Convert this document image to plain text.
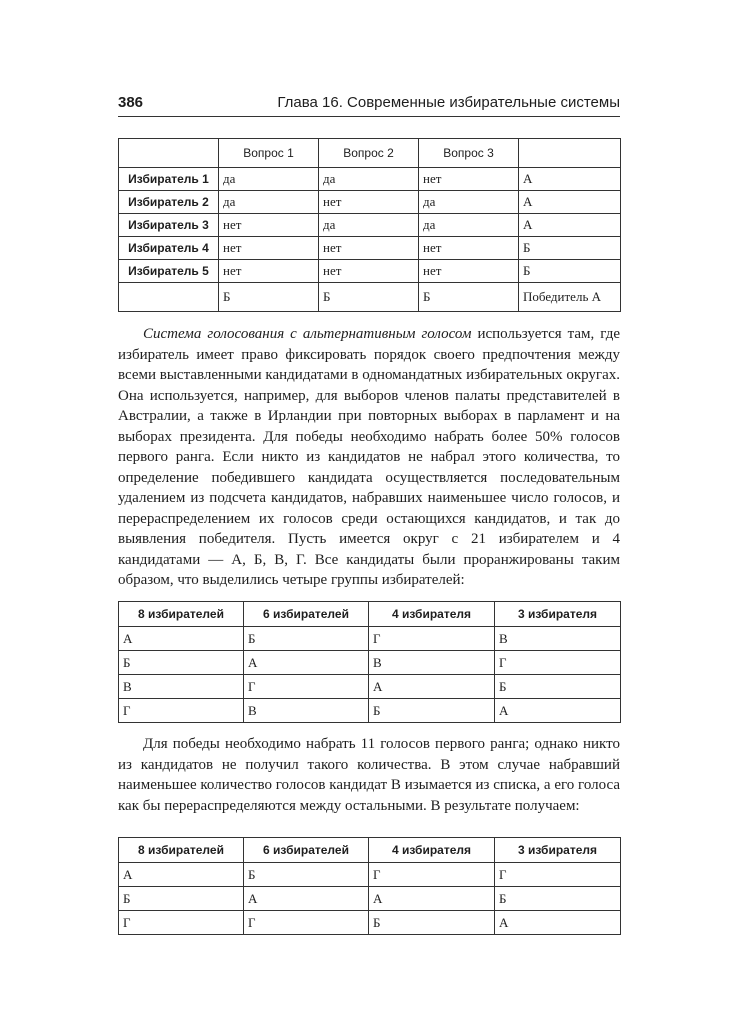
386	Глава 16. Современные избирательные системы
	Вопрос 1	Вопрос 2	Вопрос 3	
Избиратель 1	да	да	нет	А
Избиратель 2	да	нет	да	А
Избиратель 3	нет	да	да	А
Избиратель 4	нет	нет	нет	Б
Избиратель 5	нет	нет	нет	Б
	Б	Б	Б	Победитель А

Система голосования с альтернативным голосом используется там, где избиратель имеет право фиксировать порядок своего предпочтения между всеми выставленными кандидатами в одномандатных избирательных округах. Она используется, например, для выборов членов палаты представителей в Австралии, а также в Ирландии при повторных выборах в парламент и на выборах президента. Для победы необходимо набрать более 50% голосов первого ранга. Если никто из кандидатов не набрал этого количества, то определение победившего кандидата осуществляется последовательным удалением из подсчета кандидатов, набравших наименьшее число голосов, и перераспределением их голосов среди остающихся кандидатов, и так до выявления победителя. Пусть имеется округ с 21 избирателем и 4 кандидатами — А, Б, В, Г. Все кандидаты были проранжированы таким образом, что выделились четыре группы избирателей:

8 избирателей	6 избирателей	4 избирателя	3 избирателя
А	Б	Г	В
Б	А	В	Г
В	Г	А	Б
Г	В	Б	А

Для победы необходимо набрать 11 голосов первого ранга; однако никто из кандидатов не получил такого количества. В этом случае набравший наименьшее количество голосов кандидат В изымается из списка, а его голоса как бы перераспределяются между остальными. В результате получаем:

8 избирателей	6 избирателей	4 избирателя	3 избирателя
А	Б	Г	Г
Б	А	А	Б
Г	Г	Б	А
